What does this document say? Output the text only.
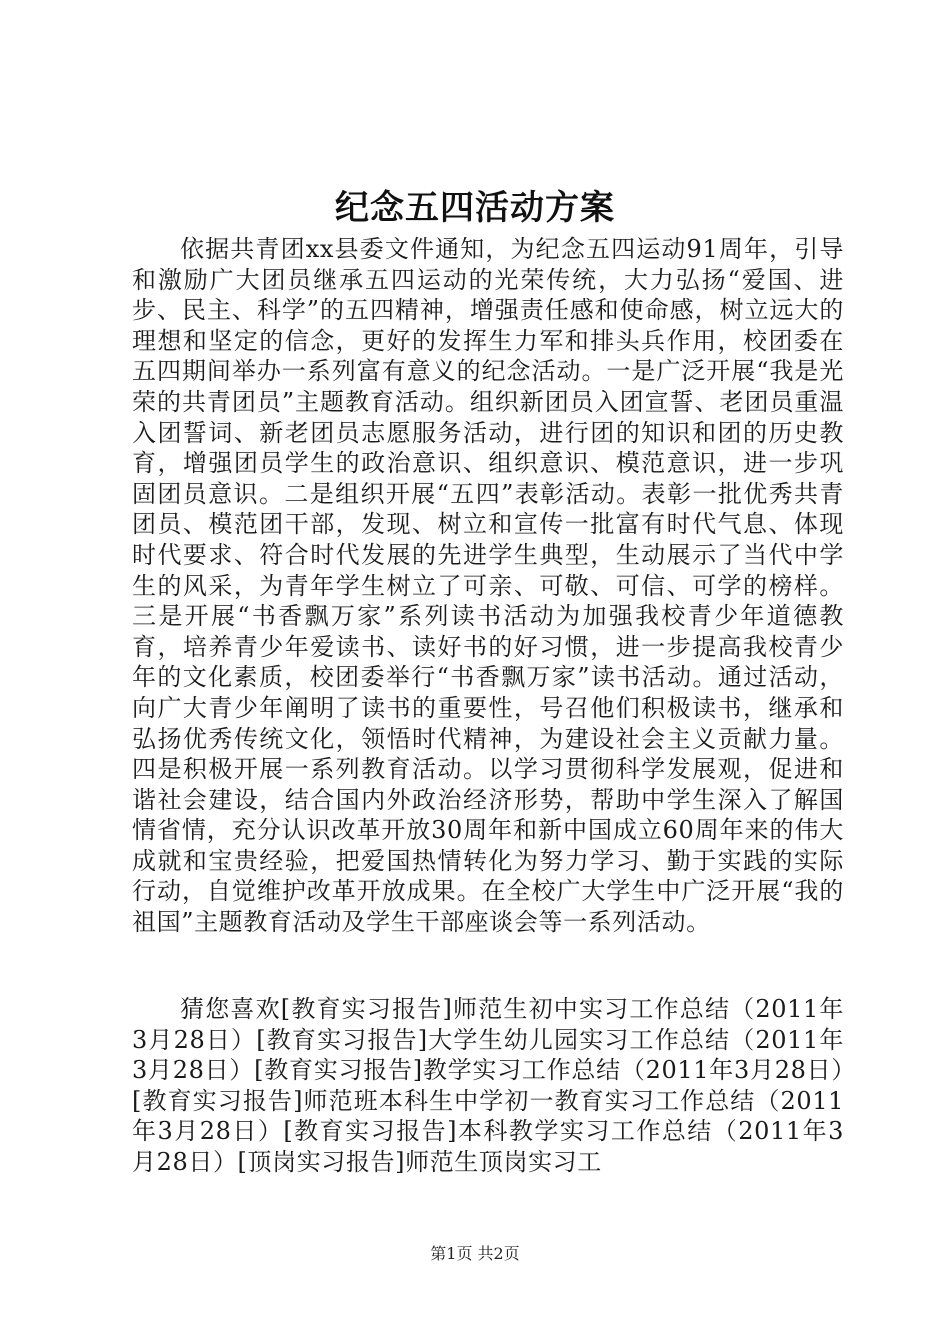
纪念五四活动方案

依据共青团xx县委文件通知，为纪念五四运动91周年，引导和激励广大团员继承五四运动的光荣传统，大力弘扬“爱国、进步、民主、科学”的五四精神，增强责任感和使命感，树立远大的理想和坚定的信念，更好的发挥生力军和排头兵作用，校团委在五四期间举办一系列富有意义的纪念活动。一是广泛开展“我是光荣的共青团员”主题教育活动。组织新团员入团宣誓、老团员重温入团誓词、新老团员志愿服务活动，进行团的知识和团的历史教育，增强团员学生的政治意识、组织意识、模范意识，进一步巩固团员意识。二是组织开展“五四”表彰活动。表彰一批优秀共青团员、模范团干部，发现、树立和宣传一批富有时代气息、体现时代要求、符合时代发展的先进学生典型，生动展示了当代中学生的风采，为青年学生树立了可亲、可敬、可信、可学的榜样。三是开展“书香飘万家”系列读书活动为加强我校青少年道德教育，培养青少年爱读书、读好书的好习惯，进一步提高我校青少年的文化素质，校团委举行“书香飘万家”读书活动。通过活动，向广大青少年阐明了读书的重要性，号召他们积极读书，继承和弘扬优秀传统文化，领悟时代精神，为建设社会主义贡献力量。四是积极开展一系列教育活动。以学习贯彻科学发展观，促进和谐社会建设，结合国内外政治经济形势，帮助中学生深入了解国情省情，充分认识改革开放30周年和新中国成立60周年来的伟大成就和宝贵经验，把爱国热情转化为努力学习、勤于实践的实际行动，自觉维护改革开放成果。在全校广大学生中广泛开展“我的祖国”主题教育活动及学生干部座谈会等一系列活动。

猜您喜欢[教育实习报告]师范生初中实习工作总结（2011年3月28日）[教育实习报告]大学生幼儿园实习工作总结（2011年3月28日）[教育实习报告]教学实习工作总结（2011年3月28日）[教育实习报告]师范班本科生中学初一教育实习工作总结（2011年3月28日）[教育实习报告]本科教学实习工作总结（2011年3月28日）[顶岗实习报告]师范生顶岗实习工

第1页 共2页
